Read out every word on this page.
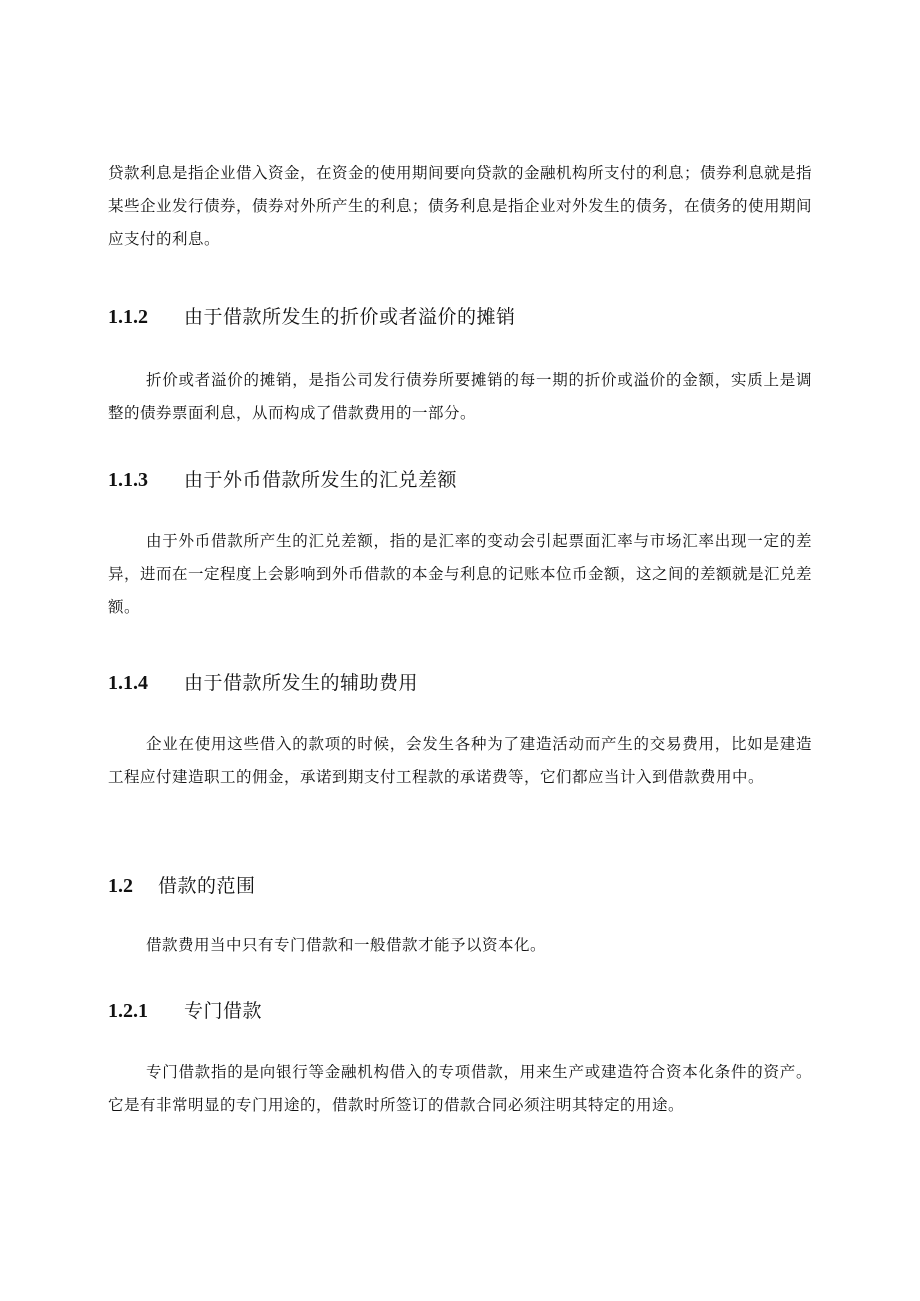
贷款利息是指企业借入资金，在资金的使用期间要向贷款的金融机构所支付的利息；债券利息就是指某些企业发行债券，债券对外所产生的利息；债务利息是指企业对外发生的债务，在债务的使用期间应支付的利息。

1.1.2 由于借款所发生的折价或者溢价的摊销

折价或者溢价的摊销，是指公司发行债券所要摊销的每一期的折价或溢价的金额，实质上是调整的债券票面利息，从而构成了借款费用的一部分。

1.1.3 由于外币借款所发生的汇兑差额

由于外币借款所产生的汇兑差额，指的是汇率的变动会引起票面汇率与市场汇率出现一定的差异，进而在一定程度上会影响到外币借款的本金与利息的记账本位币金额，这之间的差额就是汇兑差额。

1.1.4 由于借款所发生的辅助费用

企业在使用这些借入的款项的时候，会发生各种为了建造活动而产生的交易费用，比如是建造工程应付建造职工的佣金，承诺到期支付工程款的承诺费等，它们都应当计入到借款费用中。

1.2 借款的范围

借款费用当中只有专门借款和一般借款才能予以资本化。

1.2.1 专门借款

专门借款指的是向银行等金融机构借入的专项借款，用来生产或建造符合资本化条件的资产。它是有非常明显的专门用途的，借款时所签订的借款合同必须注明其特定的用途。
